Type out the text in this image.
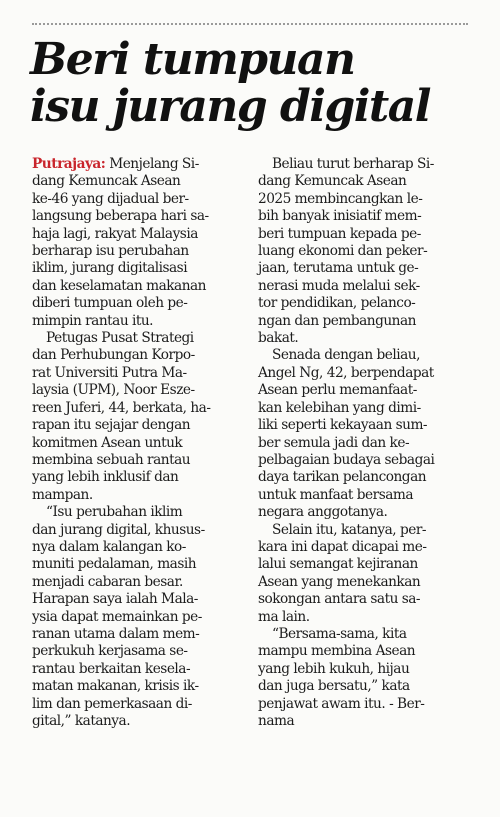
Beri tumpuan
isu jurang digital

Putrajaya: Menjelang Si-

dang Kemuncak Asean

ke-46 yang dijadual ber-

langsung beberapa hari sa-

haja lagi, rakyat Malaysia

berharap isu perubahan

iklim, jurang digitalisasi

dan keselamatan makanan

diberi tumpuan oleh pe-

mimpin rantau itu.

Petugas Pusat Strategi

dan Perhubungan Korpo-

rat Universiti Putra Ma-

laysia (UPM), Noor Esze-

reen Juferi, 44, berkata, ha-

rapan itu sejajar dengan

komitmen Asean untuk

membina sebuah rantau

yang lebih inklusif dan

mampan.

“Isu perubahan iklim

dan jurang digital, khusus-

nya dalam kalangan ko-

muniti pedalaman, masih

menjadi cabaran besar.

Harapan saya ialah Mala-

ysia dapat memainkan pe-

ranan utama dalam mem-

perkukuh kerjasama se-

rantau berkaitan kesela-

matan makanan, krisis ik-

lim dan pemerkasaan di-

gital,” katanya.

Beliau turut berharap Si-

dang Kemuncak Asean

2025 membincangkan le-

bih banyak inisiatif mem-

beri tumpuan kepada pe-

luang ekonomi dan peker-

jaan, terutama untuk ge-

nerasi muda melalui sek-

tor pendidikan, pelanco-

ngan dan pembangunan

bakat.

Senada dengan beliau,

Angel Ng, 42, berpendapat

Asean perlu memanfaat-

kan kelebihan yang dimi-

liki seperti kekayaan sum-

ber semula jadi dan ke-

pelbagaian budaya sebagai

daya tarikan pelancongan

untuk manfaat bersama

negara anggotanya.

Selain itu, katanya, per-

kara ini dapat dicapai me-

lalui semangat kejiranan

Asean yang menekankan

sokongan antara satu sa-

ma lain.

“Bersama-sama, kita

mampu membina Asean

yang lebih kukuh, hijau

dan juga bersatu,” kata

penjawat awam itu. - Ber-

nama
